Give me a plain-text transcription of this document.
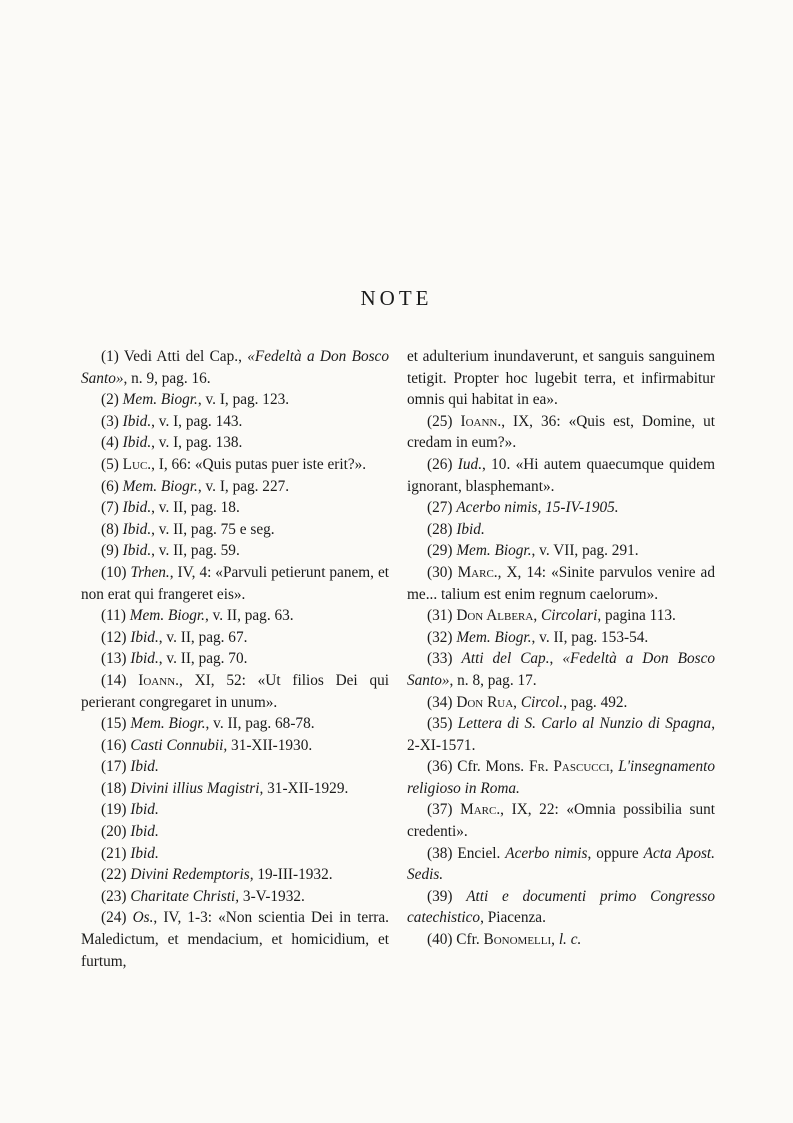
NOTE

(1) Vedi Atti del Cap., «Fedeltà a Don Bosco Santo», n. 9, pag. 16.

(2) Mem. Biogr., v. I, pag. 123.

(3) Ibid., v. I, pag. 143.

(4) Ibid., v. I, pag. 138.

(5) Luc., I, 66: «Quis putas puer iste erit?».

(6) Mem. Biogr., v. I, pag. 227.

(7) Ibid., v. II, pag. 18.

(8) Ibid., v. II, pag. 75 e seg.

(9) Ibid., v. II, pag. 59.

(10) Trhen., IV, 4: «Parvuli petierunt panem, et non erat qui frangeret eis».

(11) Mem. Biogr., v. II, pag. 63.

(12) Ibid., v. II, pag. 67.

(13) Ibid., v. II, pag. 70.

(14) Ioann., XI, 52: «Ut filios Dei qui perierant congregaret in unum».

(15) Mem. Biogr., v. II, pag. 68-78.

(16) Casti Connubii, 31-XII-1930.

(17) Ibid.

(18) Divini illius Magistri, 31-XII-1929.

(19) Ibid.

(20) Ibid.

(21) Ibid.

(22) Divini Redemptoris, 19-III-1932.

(23) Charitate Christi, 3-V-1932.

(24) Os., IV, 1-3: «Non scientia Dei in terra. Maledictum, et mendacium, et homicidium, et furtum,

et adulterium inundaverunt, et sanguis sanguinem tetigit. Propter hoc lugebit terra, et infirmabitur omnis qui habitat in ea».

(25) Ioann., IX, 36: «Quis est, Domine, ut credam in eum?».

(26) Iud., 10. «Hi autem quaecumque quidem ignorant, blasphemant».

(27) Acerbo nimis, 15-IV-1905.

(28) Ibid.

(29) Mem. Biogr., v. VII, pag. 291.

(30) Marc., X, 14: «Sinite parvulos venire ad me... talium est enim regnum caelorum».

(31) Don Albera, Circolari, pagina 113.

(32) Mem. Biogr., v. II, pag. 153-54.

(33) Atti del Cap., «Fedeltà a Don Bosco Santo», n. 8, pag. 17.

(34) Don Rua, Circol., pag. 492.

(35) Lettera di S. Carlo al Nunzio di Spagna, 2-XI-1571.

(36) Cfr. Mons. Fr. Pascucci, L'insegnamento religioso in Roma.

(37) Marc., IX, 22: «Omnia possibilia sunt credenti».

(38) Enciel. Acerbo nimis, oppure Acta Apost. Sedis.

(39) Atti e documenti primo Congresso catechistico, Piacenza.

(40) Cfr. Bonomelli, l. c.
